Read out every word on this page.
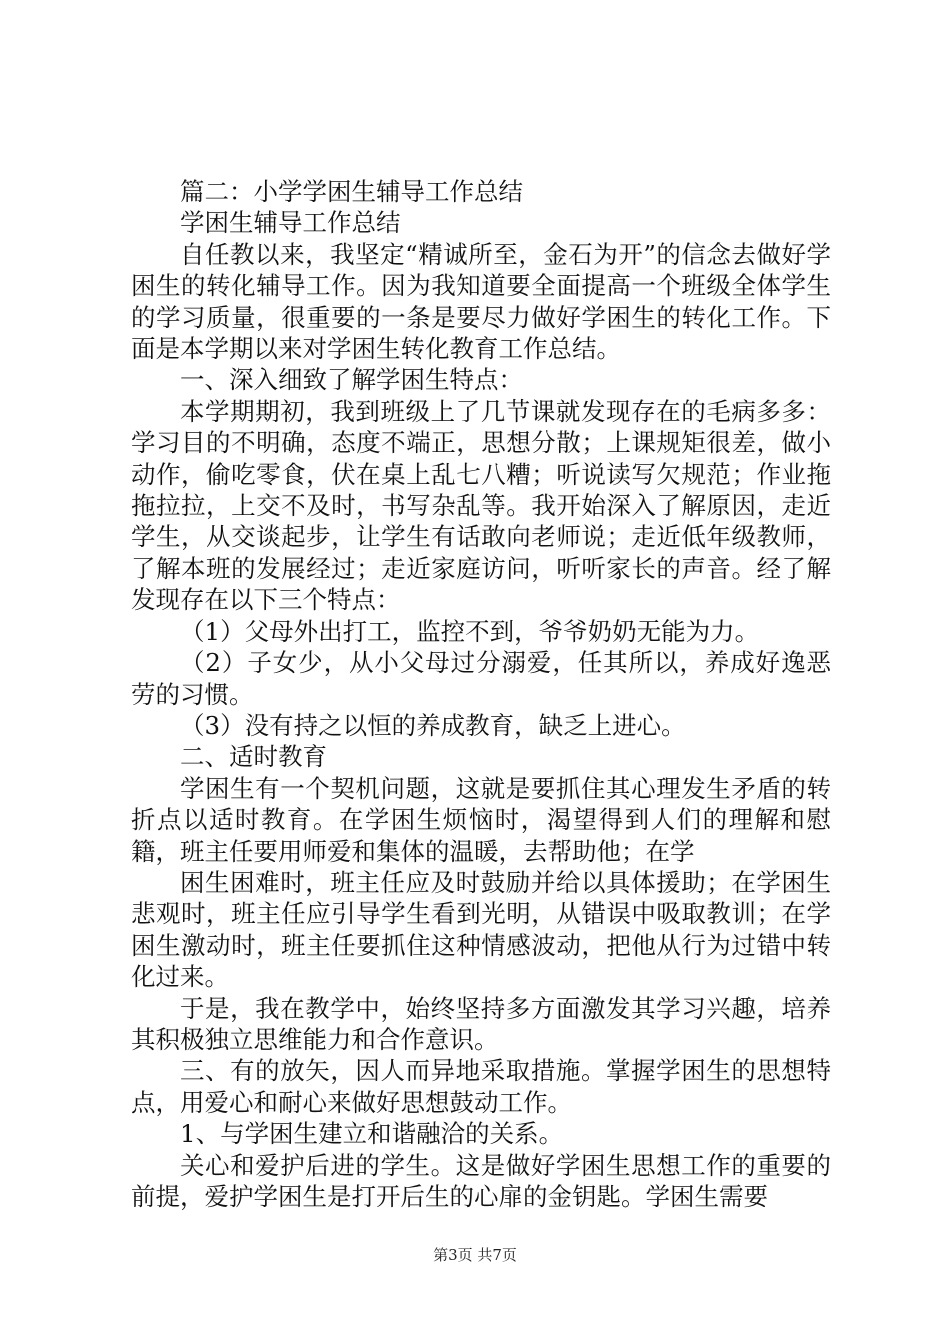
篇二：小学学困生辅导工作总结

学困生辅导工作总结

自任教以来，我坚定“精诚所至，金石为开”的信念去做好学困生的转化辅导工作。因为我知道要全面提高一个班级全体学生的学习质量，很重要的一条是要尽力做好学困生的转化工作。下面是本学期以来对学困生转化教育工作总结。

一、深入细致了解学困生特点：

本学期期初，我到班级上了几节课就发现存在的毛病多多：学习目的不明确，态度不端正，思想分散；上课规矩很差，做小动作，偷吃零食，伏在桌上乱七八糟；听说读写欠规范；作业拖拖拉拉，上交不及时，书写杂乱等。我开始深入了解原因，走近学生，从交谈起步，让学生有话敢向老师说；走近低年级教师，了解本班的发展经过；走近家庭访问，听听家长的声音。经了解发现存在以下三个特点：

（1）父母外出打工，监控不到，爷爷奶奶无能为力。

（2）子女少，从小父母过分溺爱，任其所以，养成好逸恶劳的习惯。

（3）没有持之以恒的养成教育，缺乏上进心。

二、适时教育

学困生有一个契机问题，这就是要抓住其心理发生矛盾的转折点以适时教育。在学困生烦恼时，渴望得到人们的理解和慰籍，班主任要用师爱和集体的温暖，去帮助他；在学

困生困难时，班主任应及时鼓励并给以具体援助；在学困生悲观时，班主任应引导学生看到光明，从错误中吸取教训；在学困生激动时，班主任要抓住这种情感波动，把他从行为过错中转化过来。

于是，我在教学中，始终坚持多方面激发其学习兴趣，培养其积极独立思维能力和合作意识。

三、有的放矢，因人而异地采取措施。掌握学困生的思想特点，用爱心和耐心来做好思想鼓动工作。

1、与学困生建立和谐融洽的关系。

关心和爱护后进的学生。这是做好学困生思想工作的重要的前提，爱护学困生是打开后生的心扉的金钥匙。学困生需要

第3页 共7页
